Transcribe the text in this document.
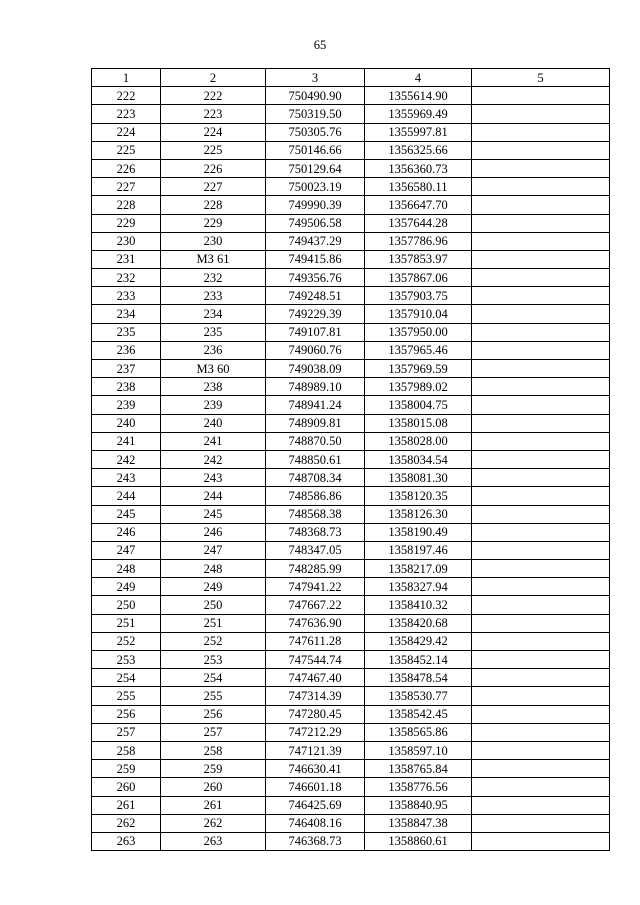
65
1	2	3	4	5
222	222	750490.90	1355614.90	
223	223	750319.50	1355969.49	
224	224	750305.76	1355997.81	
225	225	750146.66	1356325.66	
226	226	750129.64	1356360.73	
227	227	750023.19	1356580.11	
228	228	749990.39	1356647.70	
229	229	749506.58	1357644.28	
230	230	749437.29	1357786.96	
231	МЗ 61	749415.86	1357853.97	
232	232	749356.76	1357867.06	
233	233	749248.51	1357903.75	
234	234	749229.39	1357910.04	
235	235	749107.81	1357950.00	
236	236	749060.76	1357965.46	
237	МЗ 60	749038.09	1357969.59	
238	238	748989.10	1357989.02	
239	239	748941.24	1358004.75	
240	240	748909.81	1358015.08	
241	241	748870.50	1358028.00	
242	242	748850.61	1358034.54	
243	243	748708.34	1358081.30	
244	244	748586.86	1358120.35	
245	245	748568.38	1358126.30	
246	246	748368.73	1358190.49	
247	247	748347.05	1358197.46	
248	248	748285.99	1358217.09	
249	249	747941.22	1358327.94	
250	250	747667.22	1358410.32	
251	251	747636.90	1358420.68	
252	252	747611.28	1358429.42	
253	253	747544.74	1358452.14	
254	254	747467.40	1358478.54	
255	255	747314.39	1358530.77	
256	256	747280.45	1358542.45	
257	257	747212.29	1358565.86	
258	258	747121.39	1358597.10	
259	259	746630.41	1358765.84	
260	260	746601.18	1358776.56	
261	261	746425.69	1358840.95	
262	262	746408.16	1358847.38	
263	263	746368.73	1358860.61	
